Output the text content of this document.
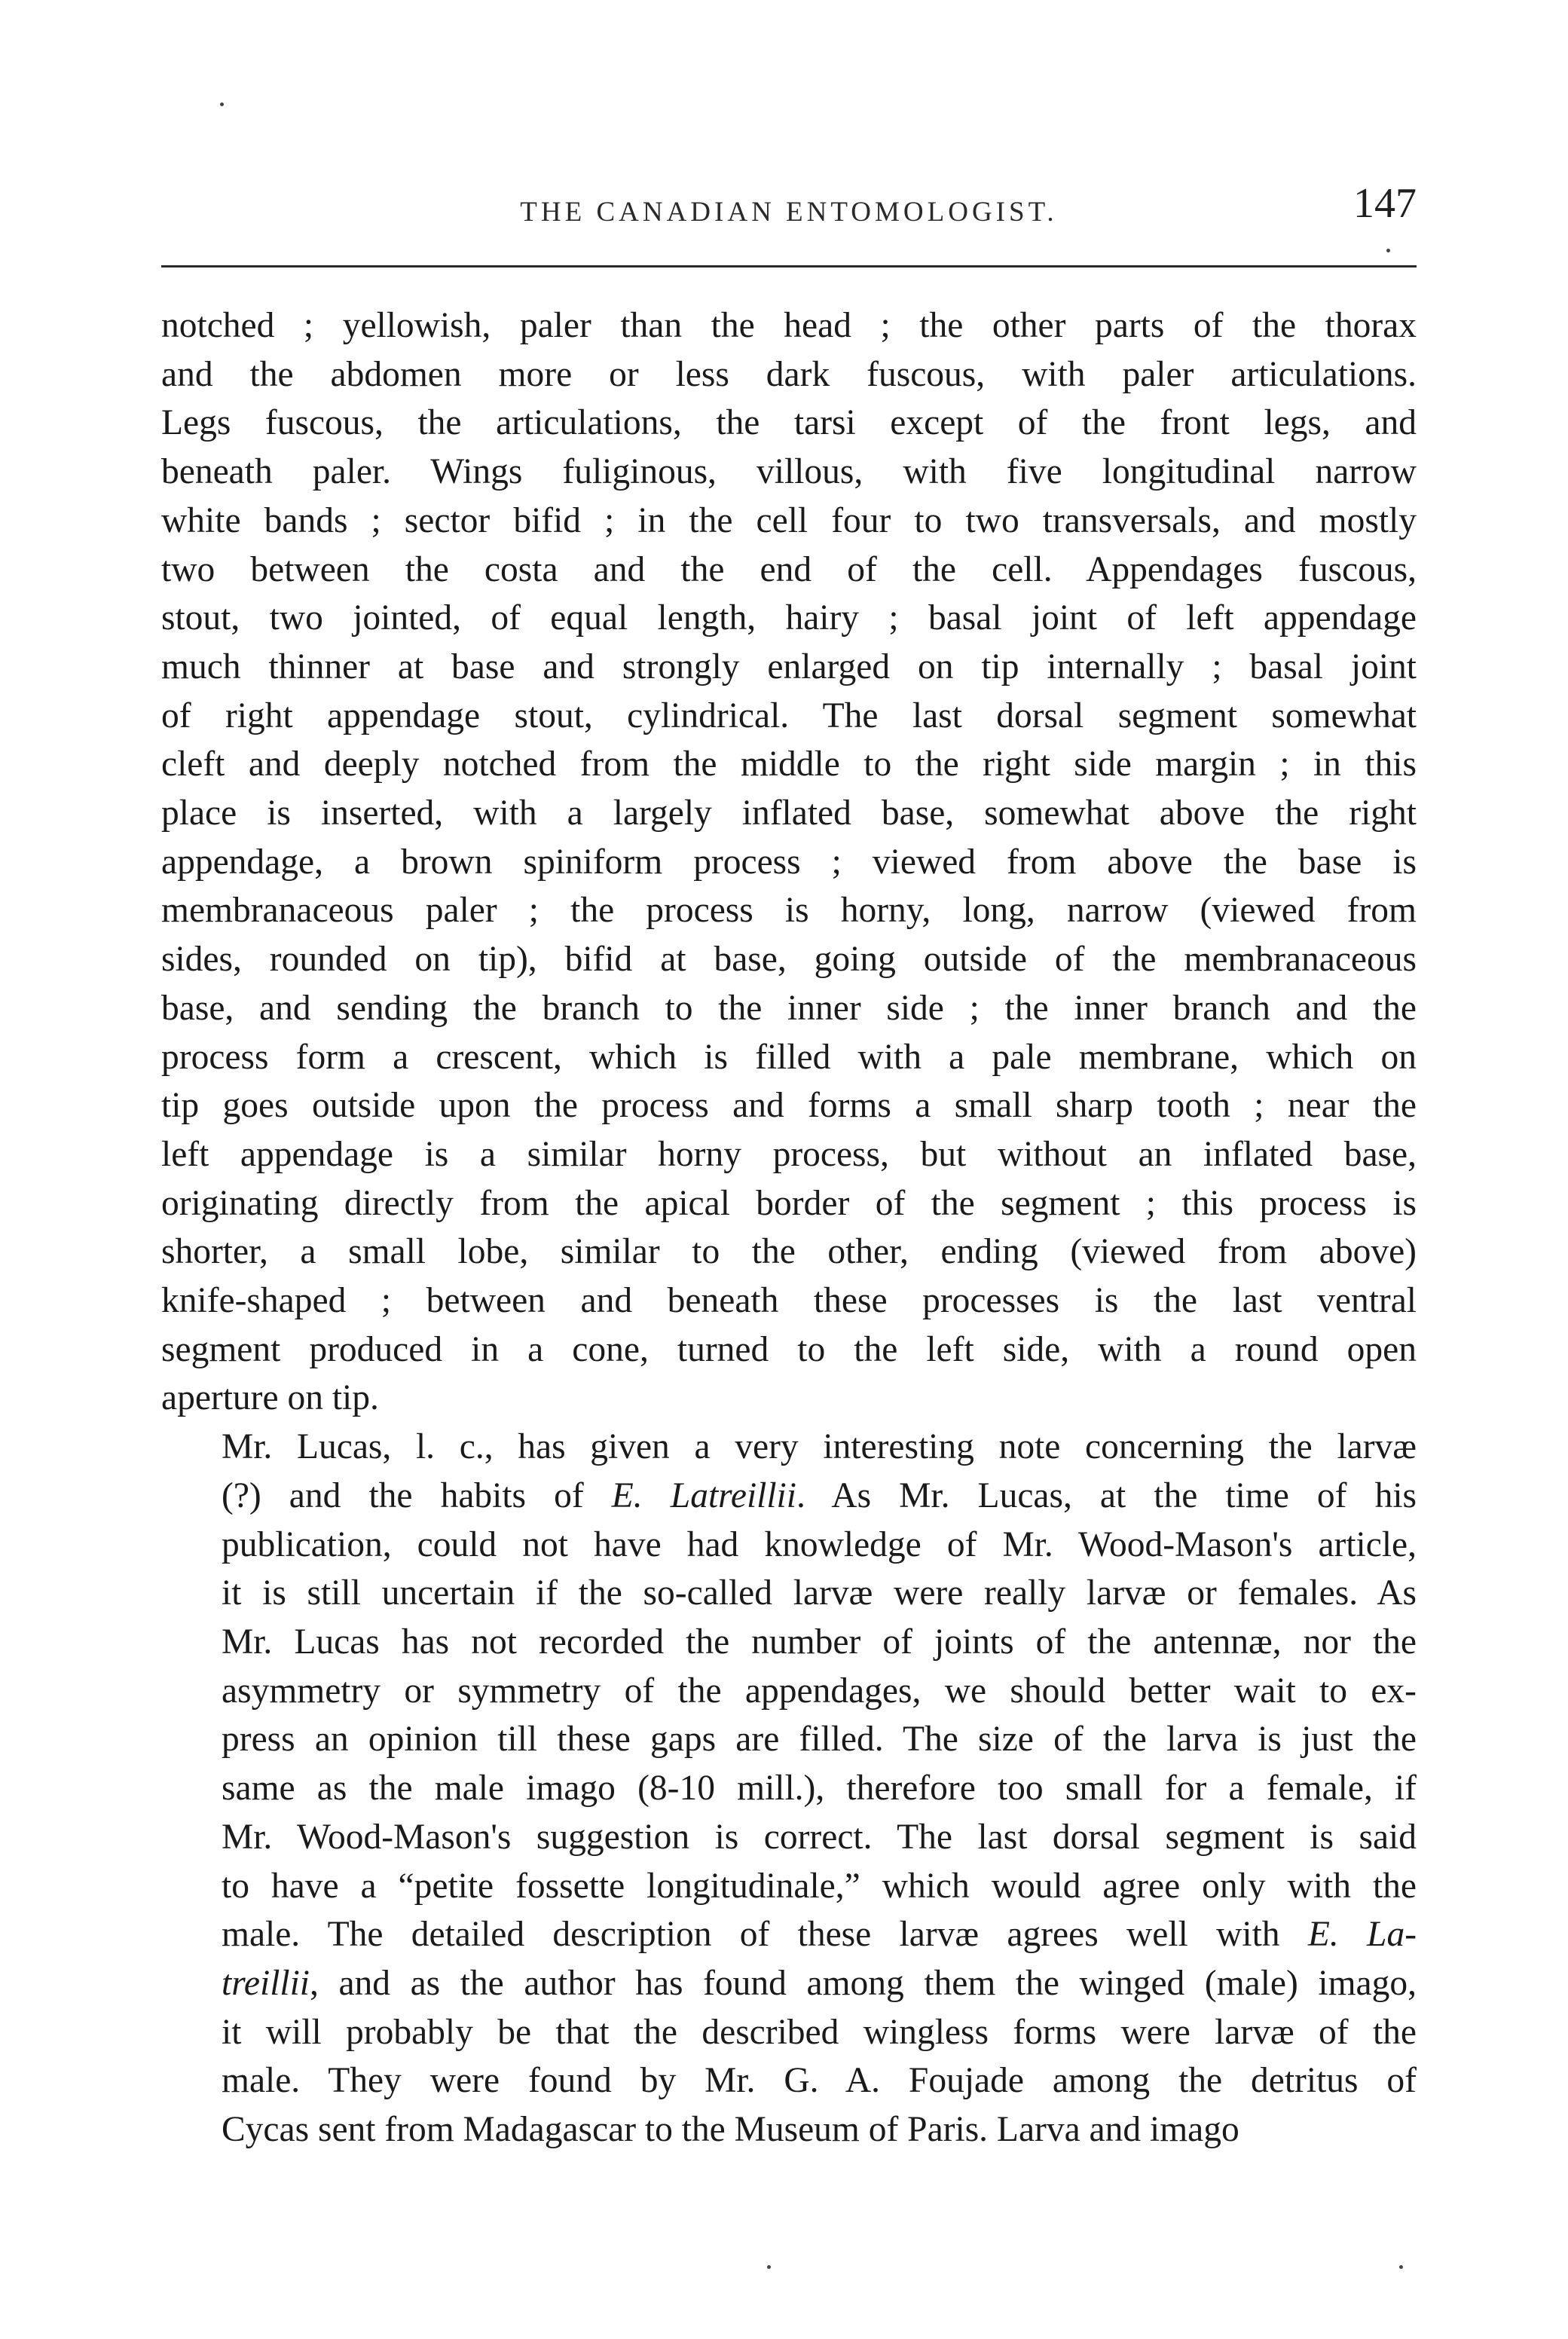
THE CANADIAN ENTOMOLOGIST.	147

notched ; yellowish, paler than the head ; the other parts of the thorax
and the abdomen more or less dark fuscous, with paler articulations.
Legs fuscous, the articulations, the tarsi except of the front legs, and
beneath paler. Wings fuliginous, villous, with five longitudinal narrow
white bands ; sector bifid ; in the cell four to two transversals, and mostly
two between the costa and the end of the cell. Appendages fuscous,
stout, two jointed, of equal length, hairy ; basal joint of left appendage
much thinner at base and strongly enlarged on tip internally ; basal joint
of right appendage stout, cylindrical. The last dorsal segment somewhat
cleft and deeply notched from the middle to the right side margin ; in this
place is inserted, with a largely inflated base, somewhat above the right
appendage, a brown spiniform process ; viewed from above the base is
membranaceous paler ; the process is horny, long, narrow (viewed from
sides, rounded on tip), bifid at base, going outside of the membranaceous
base, and sending the branch to the inner side ; the inner branch and the
process form a crescent, which is filled with a pale membrane, which on
tip goes outside upon the process and forms a small sharp tooth ; near the
left appendage is a similar horny process, but without an inflated base,
originating directly from the apical border of the segment ; this process is
shorter, a small lobe, similar to the other, ending (viewed from above)
knife-shaped ; between and beneath these processes is the last ventral
segment produced in a cone, turned to the left side, with a round open
aperture on tip.

Mr. Lucas, l. c., has given a very interesting note concerning the larvæ
(?) and the habits of E. Latreillii. As Mr. Lucas, at the time of his
publication, could not have had knowledge of Mr. Wood-Mason's article,
it is still uncertain if the so-called larvæ were really larvæ or females. As
Mr. Lucas has not recorded the number of joints of the antennæ, nor the
asymmetry or symmetry of the appendages, we should better wait to ex-
press an opinion till these gaps are filled. The size of the larva is just the
same as the male imago (8-10 mill.), therefore too small for a female, if
Mr. Wood-Mason's suggestion is correct. The last dorsal segment is said
to have a “petite fossette longitudinale,” which would agree only with the
male. The detailed description of these larvæ agrees well with E. La-
treillii, and as the author has found among them the winged (male) imago,
it will probably be that the described wingless forms were larvæ of the
male. They were found by Mr. G. A. Foujade among the detritus of
Cycas sent from Madagascar to the Museum of Paris. Larva and imago
